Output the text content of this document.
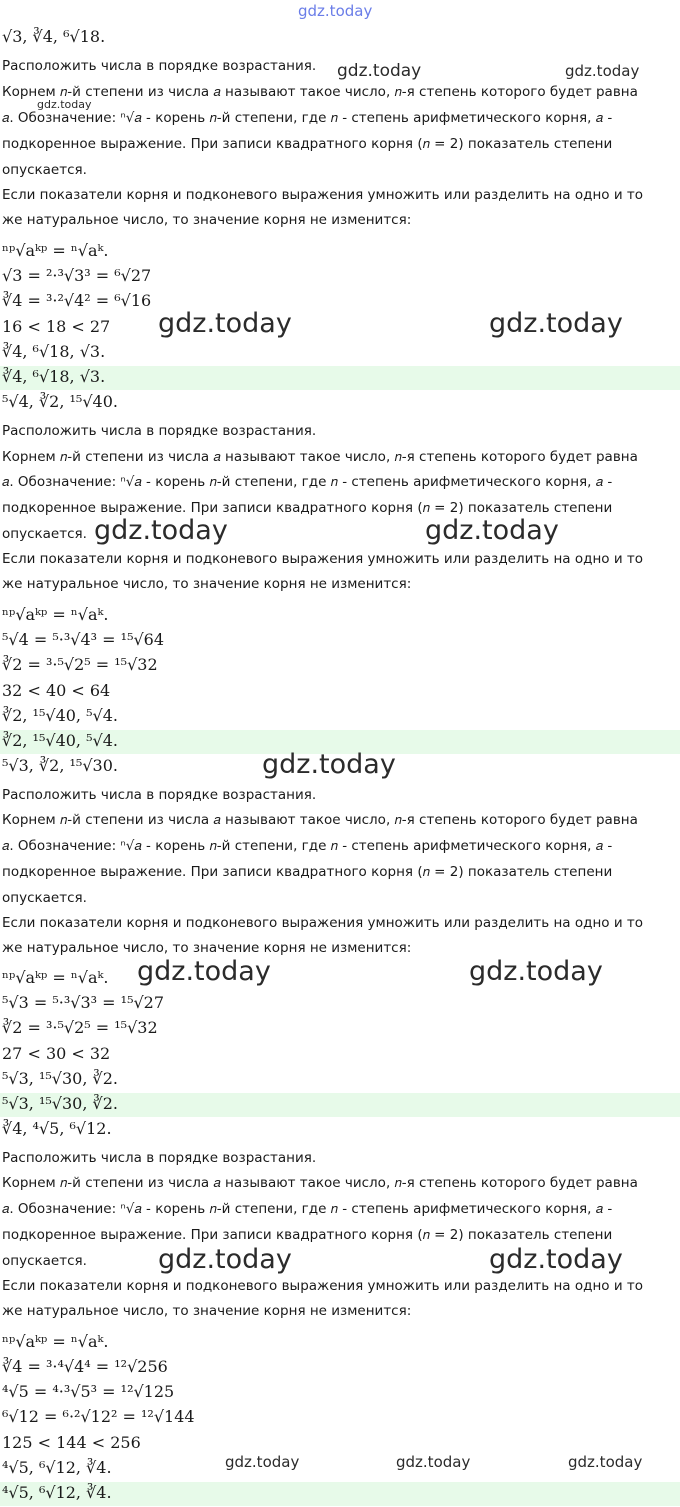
gdz.today
√3, ∛4, ⁶√18.
Расположить числа в порядке возрастания.
Корнем 𝑛-й степени из числа 𝑎 называют такое число, 𝑛-я степень которого будет равна
𝑎. Обозначение: ⁿ√𝑎 - корень 𝑛-й степени, где 𝑛 - степень арифметического корня, 𝑎 -
подкоренное выражение. При записи квадратного корня (𝑛 = 2) показатель степени
опускается.
Если показатели корня и подконевого выражения умножить или разделить на одно и то
же натуральное число, то значение корня не изменится:
ⁿᵖ√aᵏᵖ = ⁿ√aᵏ.
√3 = ²·³√3³ = ⁶√27
∛4 = ³·²√4² = ⁶√16
16 < 18 < 27
∛4, ⁶√18, √3.
∛4, ⁶√18, √3.
⁵√4, ∛2, ¹⁵√40.
Расположить числа в порядке возрастания.
Корнем 𝑛-й степени из числа 𝑎 называют такое число, 𝑛-я степень которого будет равна
𝑎. Обозначение: ⁿ√𝑎 - корень 𝑛-й степени, где 𝑛 - степень арифметического корня, 𝑎 -
подкоренное выражение. При записи квадратного корня (𝑛 = 2) показатель степени
опускается.
Если показатели корня и подконевого выражения умножить или разделить на одно и то
же натуральное число, то значение корня не изменится:
ⁿᵖ√aᵏᵖ = ⁿ√aᵏ.
⁵√4 = ⁵·³√4³ = ¹⁵√64
∛2 = ³·⁵√2⁵ = ¹⁵√32
32 < 40 < 64
∛2, ¹⁵√40, ⁵√4.
∛2, ¹⁵√40, ⁵√4.
⁵√3, ∛2, ¹⁵√30.
Расположить числа в порядке возрастания.
Корнем 𝑛-й степени из числа 𝑎 называют такое число, 𝑛-я степень которого будет равна
𝑎. Обозначение: ⁿ√𝑎 - корень 𝑛-й степени, где 𝑛 - степень арифметического корня, 𝑎 -
подкоренное выражение. При записи квадратного корня (𝑛 = 2) показатель степени
опускается.
Если показатели корня и подконевого выражения умножить или разделить на одно и то
же натуральное число, то значение корня не изменится:
ⁿᵖ√aᵏᵖ = ⁿ√aᵏ.
⁵√3 = ⁵·³√3³ = ¹⁵√27
∛2 = ³·⁵√2⁵ = ¹⁵√32
27 < 30 < 32
⁵√3, ¹⁵√30, ∛2.
⁵√3, ¹⁵√30, ∛2.
∛4, ⁴√5, ⁶√12.
Расположить числа в порядке возрастания.
Корнем 𝑛-й степени из числа 𝑎 называют такое число, 𝑛-я степень которого будет равна
𝑎. Обозначение: ⁿ√𝑎 - корень 𝑛-й степени, где 𝑛 - степень арифметического корня, 𝑎 -
подкоренное выражение. При записи квадратного корня (𝑛 = 2) показатель степени
опускается.
Если показатели корня и подконевого выражения умножить или разделить на одно и то
же натуральное число, то значение корня не изменится:
ⁿᵖ√aᵏᵖ = ⁿ√aᵏ.
∛4 = ³·⁴√4⁴ = ¹²√256
⁴√5 = ⁴·³√5³ = ¹²√125
⁶√12 = ⁶·²√12² = ¹²√144
125 < 144 < 256
⁴√5, ⁶√12, ∛4.
⁴√5, ⁶√12, ∛4.
gdz.today	gdz.today
gdz.today
gdz.today	gdz.today
gdz.today	gdz.today
gdz.today
gdz.today	gdz.today
gdz.today	gdz.today
gdz.today	gdz.today	gdz.today
